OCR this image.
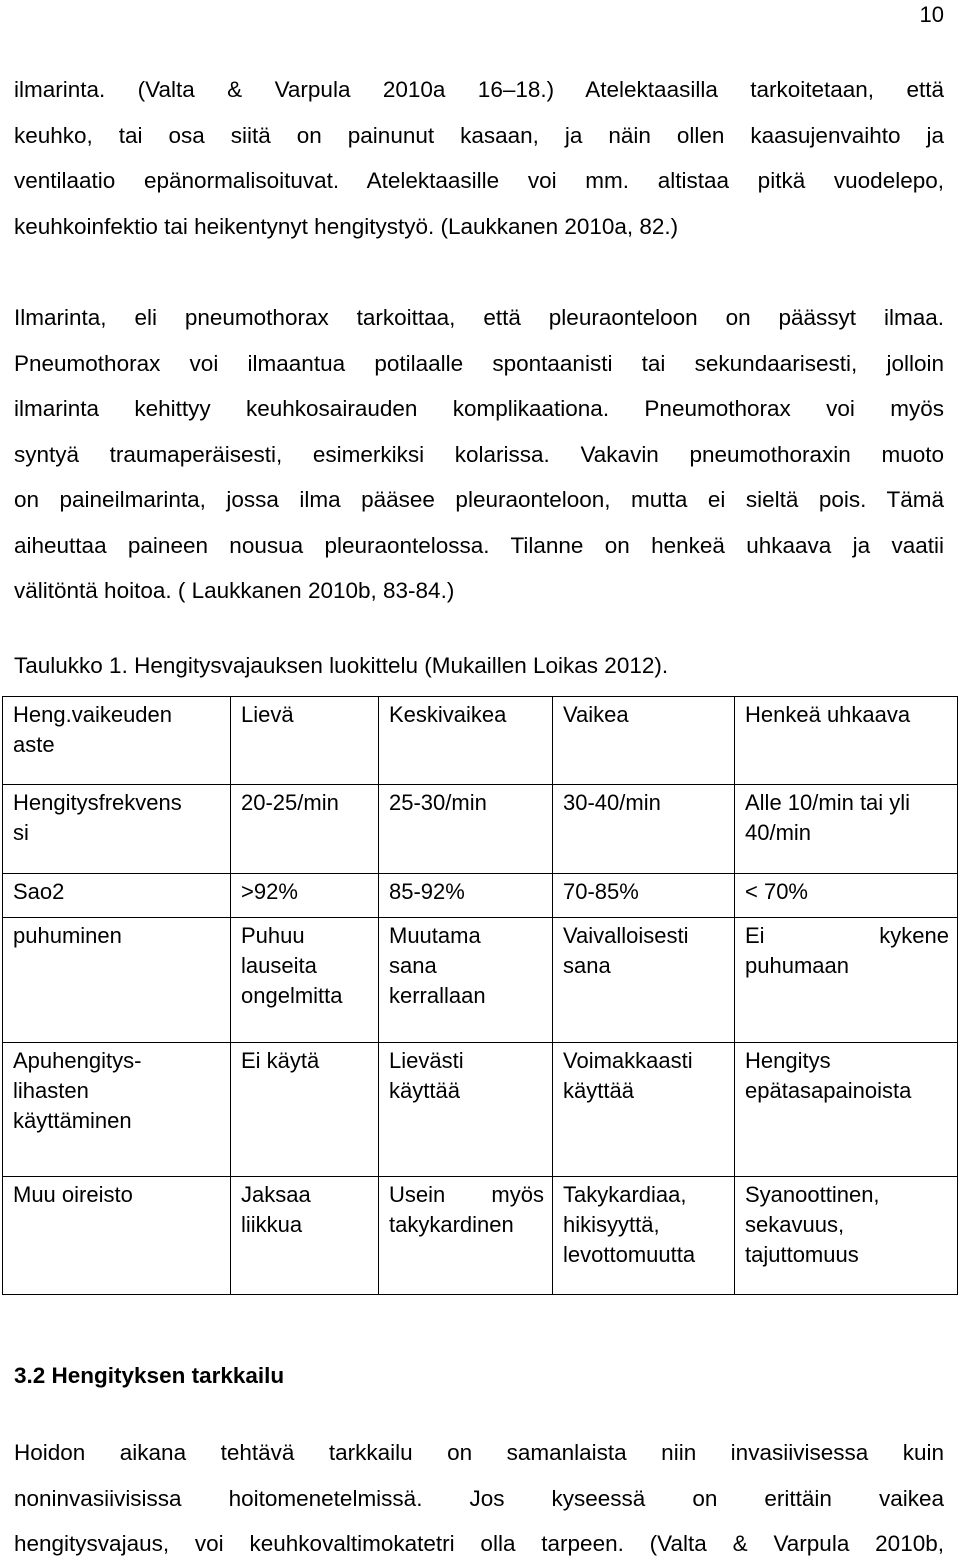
10
ilmarinta. (Valta & Varpula 2010a 16–18.) Atelektaasilla tarkoitetaan, että
keuhko, tai osa siitä on painunut kasaan, ja näin ollen kaasujenvaihto ja
ventilaatio epänormalisoituvat. Atelektaasille voi mm. altistaa pitkä vuodelepo,
keuhkoinfektio tai heikentynyt hengitystyö. (Laukkanen 2010a, 82.)
Ilmarinta, eli pneumothorax tarkoittaa, että pleuraonteloon on päässyt ilmaa.
Pneumothorax voi ilmaantua potilaalle spontaanisti tai sekundaarisesti, jolloin
ilmarinta kehittyy keuhkosairauden komplikaationa. Pneumothorax voi myös
syntyä traumaperäisesti, esimerkiksi kolarissa. Vakavin pneumothoraxin muoto
on paineilmarinta, jossa ilma pääsee pleuraonteloon, mutta ei sieltä pois. Tämä
aiheuttaa paineen nousua pleuraontelossa. Tilanne on henkeä uhkaava ja vaatii
välitöntä hoitoa. ( Laukkanen 2010b, 83-84.)
Taulukko 1. Hengitysvajauksen luokittelu (Mukaillen Loikas 2012).
Heng.vaikeuden
aste	Lievä	Keskivaikea	Vaikea	Henkeä uhkaava

Hengitysfrekvens
si	20-25/min	25-30/min	30-40/min	Alle 10/min tai yli
40/min

Sao2	>92%	85-92%	70-85%	< 70%

puhuminen	Puhuu
lauseita
ongelmitta	Muutama
sana
kerrallaan	Vaivalloisesti
sana	Ei kykene
puhumaan

Apuhengitys-
lihasten
käyttäminen	Ei käytä	Lievästi
käyttää	Voimakkaasti
käyttää	Hengitys
epätasapainoista

Muu oireisto	Jaksaa
liikkua	Usein myös
takykardinen	Takykardiaa,
hikisyyttä,
levottomuutta	Syanoottinen,
sekavuus,
tajuttomuus
3.2 Hengityksen tarkkailu
Hoidon aikana tehtävä tarkkailu on samanlaista niin invasiivisessa kuin
noninvasiivisissa hoitomenetelmissä. Jos kyseessä on erittäin vaikea
hengitysvajaus, voi keuhkovaltimokatetri olla tarpeen. (Valta & Varpula 2010b,
